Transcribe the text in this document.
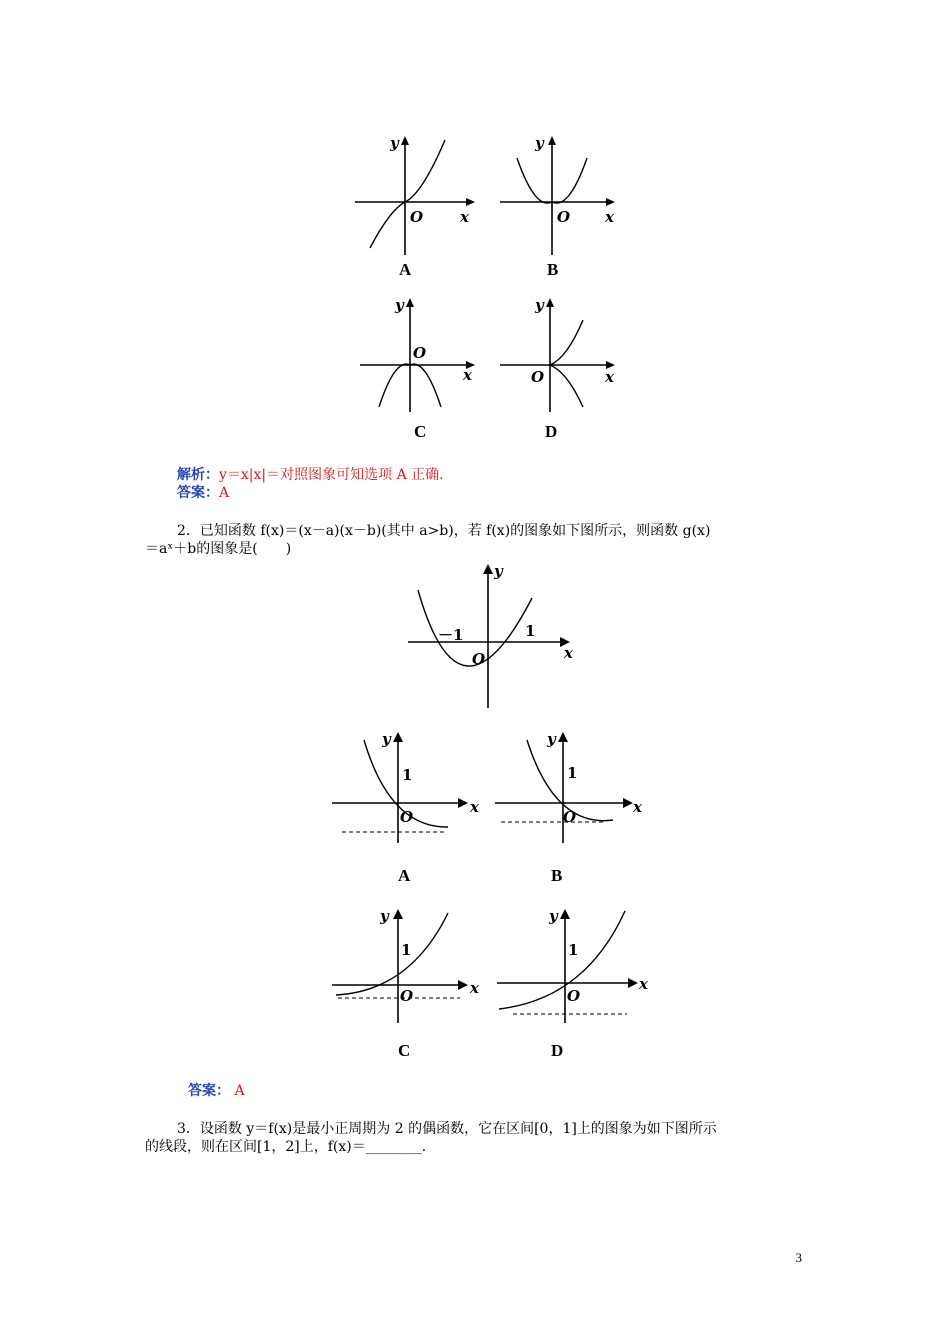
y
O x
A
y
O x
B
y
O
x
C
y
O	x
D
解析：y＝x|x|＝对照图象可知选项 A 正确.
答案：A
2．已知函数 f(x)＝(x－a)(x－b)(其中 a>b)，若 f(x)的图象如下图所示，则函数 g(x)
＝aˣ＋b的图象是(　　)
y
O	x
－1	1
y
O
x
1
A
y
O
x
1
B
y
O	x
1
C
y
O
x
1
D
答案： A
3．设函数 y＝f(x)是最小正周期为 2 的偶函数，它在区间[0，1]上的图象为如下图所示
的线段，则在区间[1，2]上，f(x)＝________.
3
